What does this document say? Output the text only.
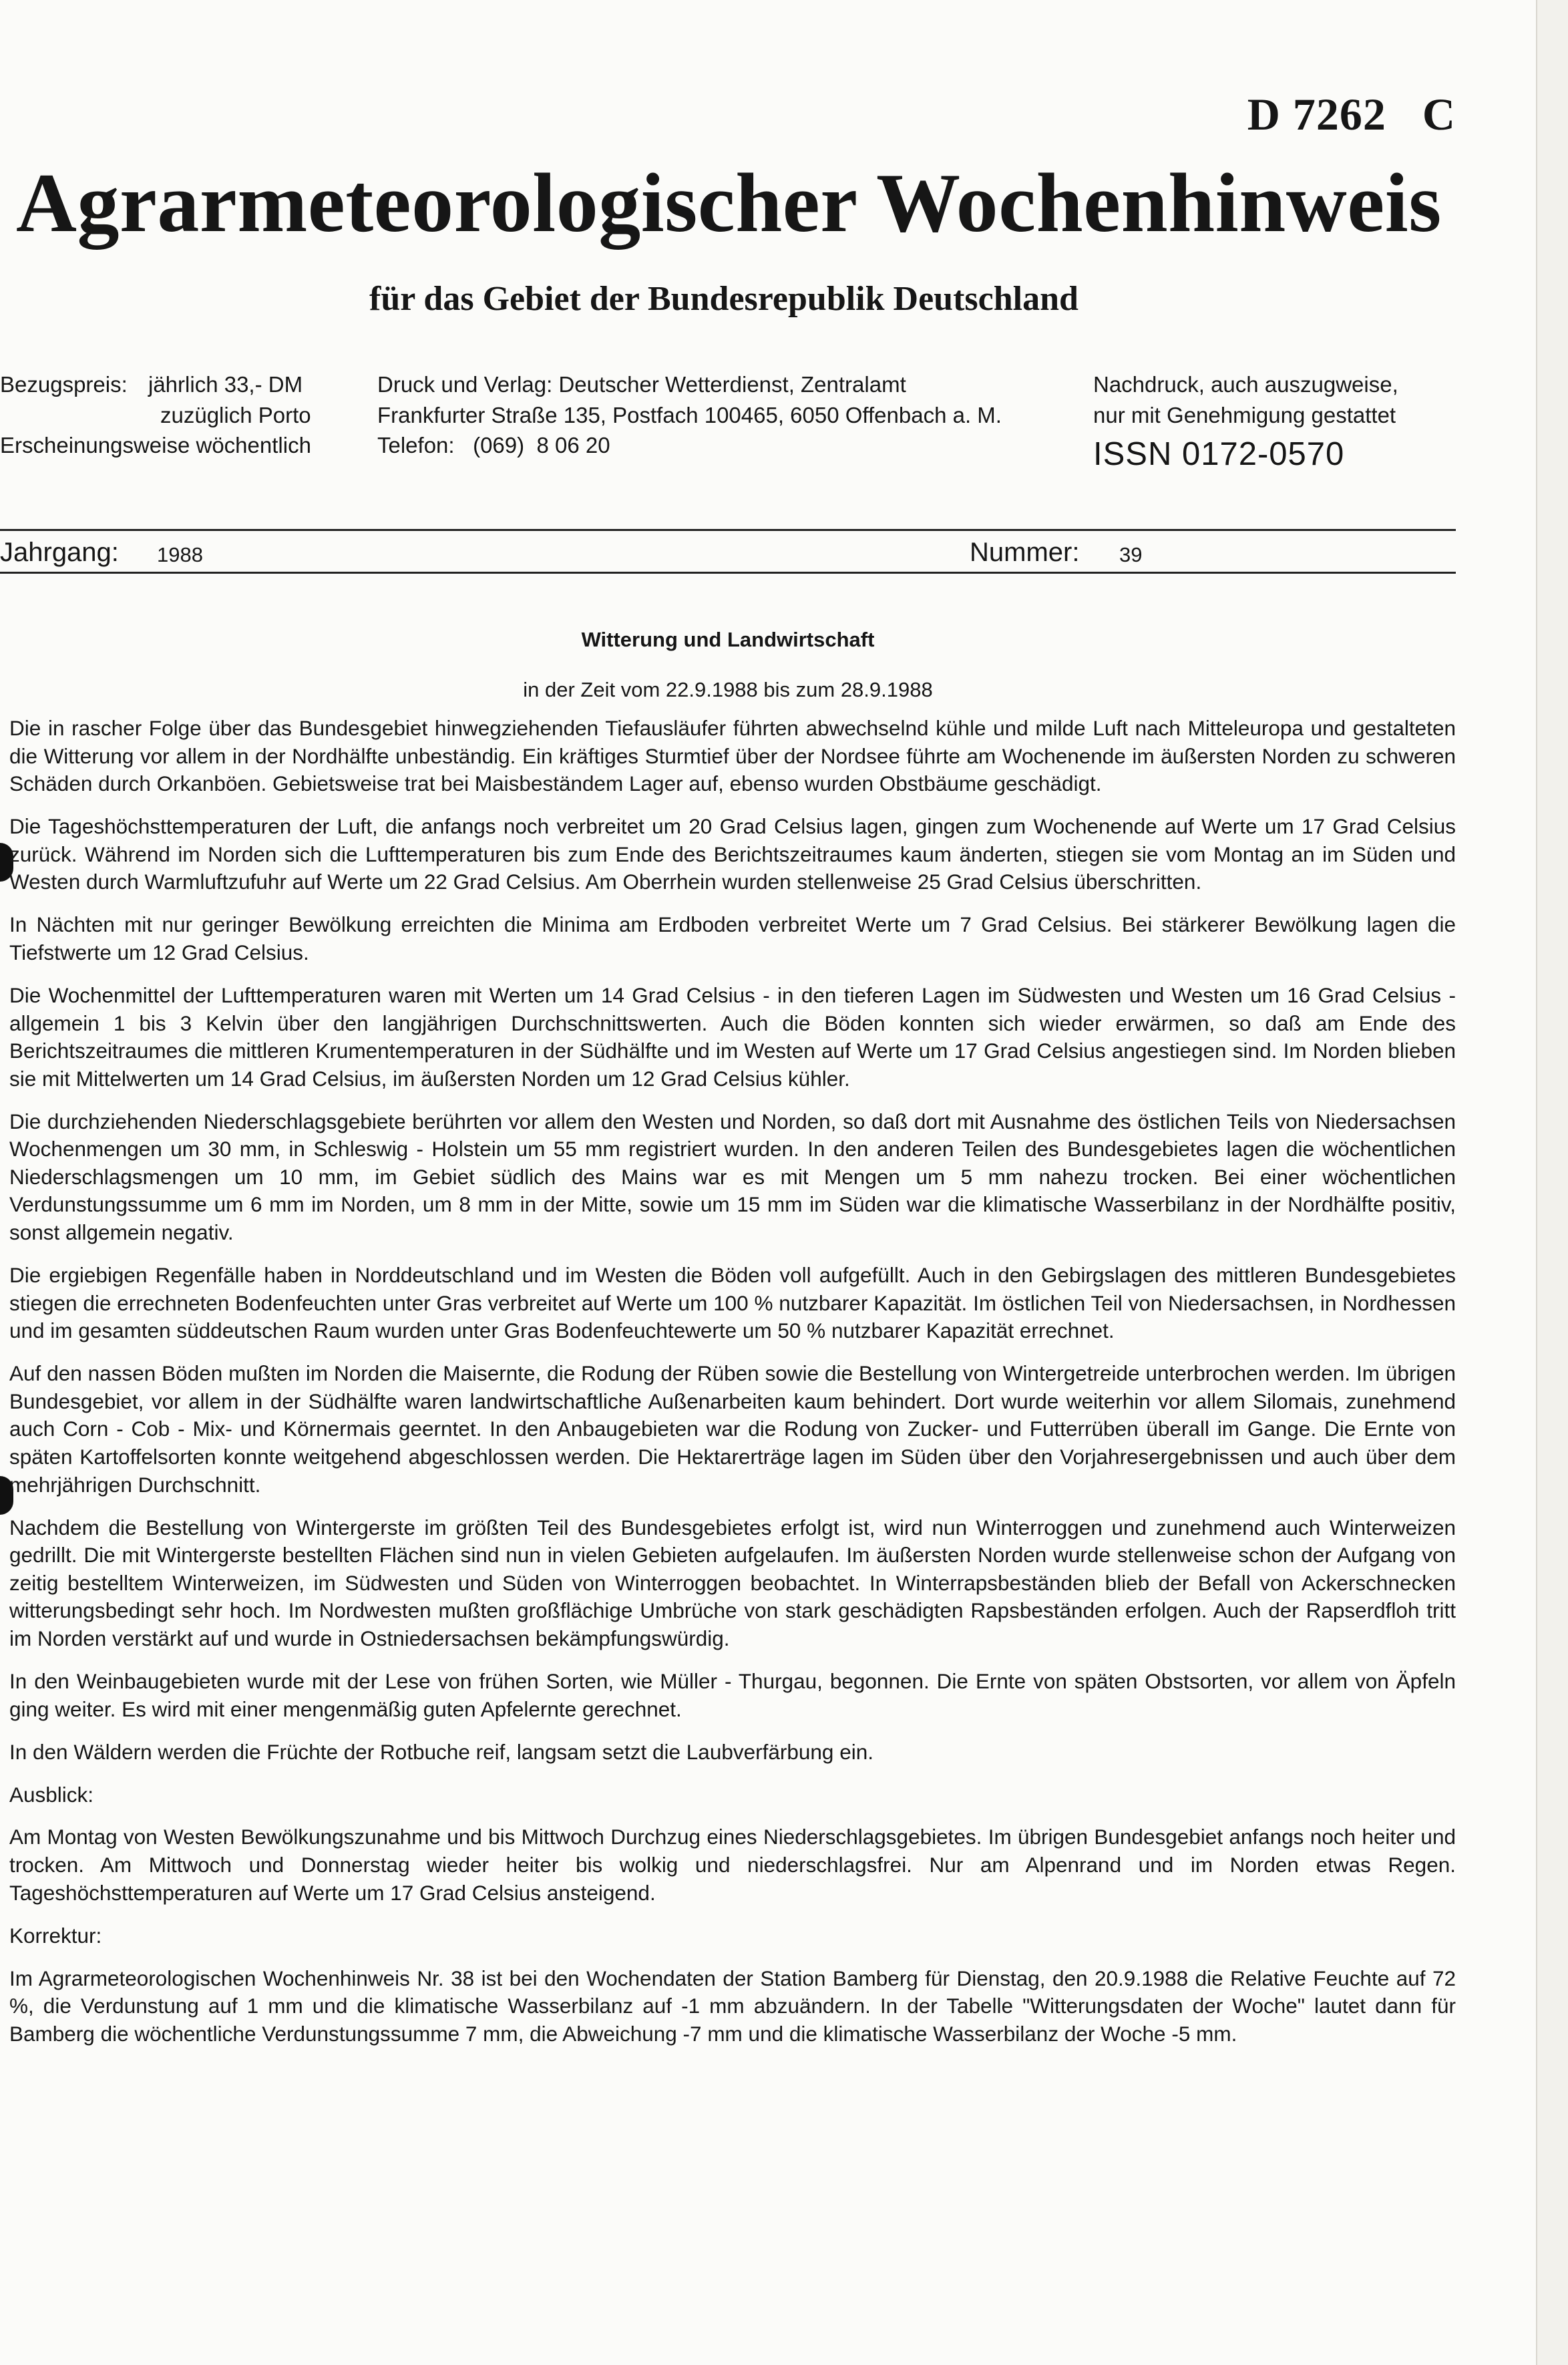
D 7262   C
Agrarmeteorologischer Wochenhinweis
für das Gebiet der Bundesrepublik Deutschland
Bezugspreis: jährlich 33,- DM
zuzüglich Porto
Erscheinungsweise wöchentlich
Druck und Verlag: Deutscher Wetterdienst, Zentralamt
Frankfurter Straße 135, Postfach 100465, 6050 Offenbach a. M.
Telefon:   (069)  8 06 20
Nachdruck, auch auszugweise,
nur mit Genehmigung gestattet
ISSN 0172-0570
Jahrgang: 1988	Nummer: 39
Witterung und Landwirtschaft
in der Zeit vom 22.9.1988 bis zum 28.9.1988

Die in rascher Folge über das Bundesgebiet hinwegziehenden Tiefausläufer führten abwechselnd kühle und milde Luft nach Mitteleuropa und gestalteten die Witterung vor allem in der Nordhälfte unbeständig. Ein kräftiges Sturmtief über der Nordsee führte am Wochenende im äußersten Norden zu schweren Schäden durch Orkanböen. Gebietsweise trat bei Maisbeständem Lager auf, ebenso wurden Obstbäume geschädigt.

Die Tageshöchsttemperaturen der Luft, die anfangs noch verbreitet um 20 Grad Celsius lagen, gingen zum Wochenende auf Werte um 17 Grad Celsius zurück. Während im Norden sich die Lufttemperaturen bis zum Ende des Berichtszeitraumes kaum änderten, stiegen sie vom Montag an im Süden und Westen durch Warmluftzufuhr auf Werte um 22 Grad Celsius. Am Oberrhein wurden stellenweise 25 Grad Celsius überschritten.

In Nächten mit nur geringer Bewölkung erreichten die Minima am Erdboden verbreitet Werte um 7 Grad Celsius. Bei stärkerer Bewölkung lagen die Tiefstwerte um 12 Grad Celsius.

Die Wochenmittel der Lufttemperaturen waren mit Werten um 14 Grad Celsius - in den tieferen Lagen im Südwesten und Westen um 16 Grad Celsius - allgemein 1 bis 3 Kelvin über den langjährigen Durchschnittswerten. Auch die Böden konnten sich wieder erwärmen, so daß am Ende des Berichtszeitraumes die mittleren Krumentemperaturen in der Südhälfte und im Westen auf Werte um 17 Grad Celsius angestiegen sind. Im Norden blieben sie mit Mittelwerten um 14 Grad Celsius, im äußersten Norden um 12 Grad Celsius kühler.

Die durchziehenden Niederschlagsgebiete berührten vor allem den Westen und Norden, so daß dort mit Ausnahme des östlichen Teils von Niedersachsen Wochenmengen um 30 mm, in Schleswig - Holstein um 55 mm registriert wurden. In den anderen Teilen des Bundesgebietes lagen die wöchentlichen Niederschlagsmengen um 10 mm, im Gebiet südlich des Mains war es mit Mengen um 5 mm nahezu trocken. Bei einer wöchentlichen Verdunstungssumme um 6 mm im Norden, um 8 mm in der Mitte, sowie um 15 mm im Süden war die klimatische Wasserbilanz in der Nordhälfte positiv, sonst allgemein negativ.

Die ergiebigen Regenfälle haben in Norddeutschland und im Westen die Böden voll aufgefüllt. Auch in den Gebirgslagen des mittleren Bundesgebietes stiegen die errechneten Bodenfeuchten unter Gras verbreitet auf Werte um 100 % nutzbarer Kapazität. Im östlichen Teil von Niedersachsen, in Nordhessen und im gesamten süddeutschen Raum wurden unter Gras Bodenfeuchtewerte um 50 % nutzbarer Kapazität errechnet.

Auf den nassen Böden mußten im Norden die Maisernte, die Rodung der Rüben sowie die Bestellung von Wintergetreide unterbrochen werden. Im übrigen Bundesgebiet, vor allem in der Südhälfte waren landwirtschaftliche Außenarbeiten kaum behindert. Dort wurde weiterhin vor allem Silomais, zunehmend auch Corn - Cob - Mix- und Körnermais geerntet. In den Anbaugebieten war die Rodung von Zucker- und Futterrüben überall im Gange. Die Ernte von späten Kartoffelsorten konnte weitgehend abgeschlossen werden. Die Hektarerträge lagen im Süden über den Vorjahresergebnissen und auch über dem mehrjährigen Durchschnitt.

Nachdem die Bestellung von Wintergerste im größten Teil des Bundesgebietes erfolgt ist, wird nun Winterroggen und zunehmend auch Winterweizen gedrillt. Die mit Wintergerste bestellten Flächen sind nun in vielen Gebieten aufgelaufen. Im äußersten Norden wurde stellenweise schon der Aufgang von zeitig bestelltem Winterweizen, im Südwesten und Süden von Winterroggen beobachtet. In Winterrapsbeständen blieb der Befall von Ackerschnecken witterungsbedingt sehr hoch. Im Nordwesten mußten großflächige Umbrüche von stark geschädigten Rapsbeständen erfolgen. Auch der Rapserdfloh tritt im Norden verstärkt auf und wurde in Ostniedersachsen bekämpfungswürdig.

In den Weinbaugebieten wurde mit der Lese von frühen Sorten, wie Müller - Thurgau, begonnen. Die Ernte von späten Obstsorten, vor allem von Äpfeln ging weiter. Es wird mit einer mengenmäßig guten Apfelernte gerechnet.

In den Wäldern werden die Früchte der Rotbuche reif, langsam setzt die Laubverfärbung ein.

Ausblick:

Am Montag von Westen Bewölkungszunahme und bis Mittwoch Durchzug eines Niederschlagsgebietes. Im übrigen Bundesgebiet anfangs noch heiter und trocken. Am Mittwoch und Donnerstag wieder heiter bis wolkig und niederschlagsfrei. Nur am Alpenrand und im Norden etwas Regen. Tageshöchsttemperaturen auf Werte um 17 Grad Celsius ansteigend.

Korrektur:

Im Agrarmeteorologischen Wochenhinweis Nr. 38 ist bei den Wochendaten der Station Bamberg für Dienstag, den 20.9.1988 die Relative Feuchte auf 72 %, die Verdunstung auf 1 mm und die klimatische Wasserbilanz auf -1 mm abzuändern. In der Tabelle "Witterungsdaten der Woche" lautet dann für Bamberg die wöchentliche Verdunstungssumme 7 mm, die Abweichung -7 mm und die klimatische Wasserbilanz der Woche -5 mm.
